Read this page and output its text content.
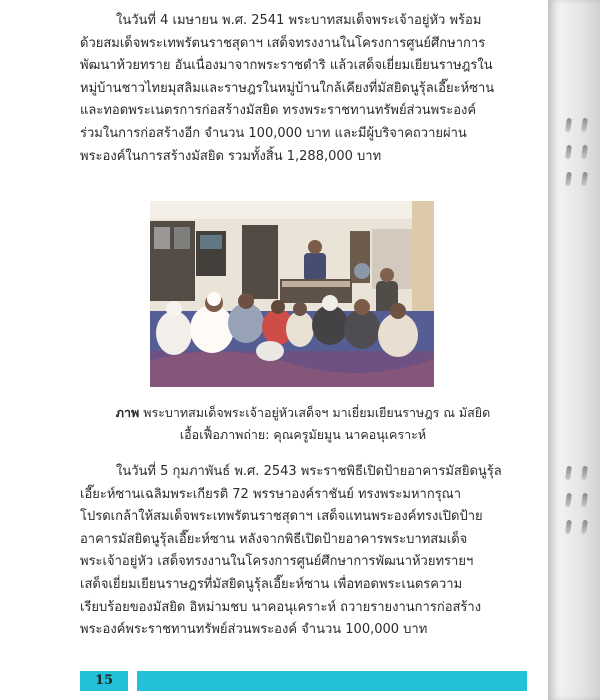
ในวันที่ 4 เมษายน พ.ศ. 2541 พระบาทสมเด็จพระเจ้าอยู่หัว พร้อม
ด้วยสมเด็จพระเทพรัตนราชสุดาฯ เสด็จทรงงานในโครงการศูนย์ศึกษาการ
พัฒนาห้วยทราย อันเนื่องมาจากพระราชดำริ แล้วเสด็จเยี่ยมเยียนราษฎรใน
หมู่บ้านชาวไทยมุสลิมและราษฎรในหมู่บ้านใกล้เคียงที่มัสยิดนูรุ้ลเอี๊ยะห์ซาน
และทอดพระเนตรการก่อสร้างมัสยิด ทรงพระราชทานทรัพย์ส่วนพระองค์
ร่วมในการก่อสร้างอีก จำนวน 100,000 บาท และมีผู้บริจาคถวายผ่าน
พระองค์ในการสร้างมัสยิด รวมทั้งสิ้น 1,288,000 บาท

ภาพ พระบาทสมเด็จพระเจ้าอยู่หัวเสด็จฯ มาเยี่ยมเยียนราษฎร ณ มัสยิด
เอื้อเฟื้อภาพถ่าย: คุณครูมัยมูน นาคอนุเคราะห์

ในวันที่ 5 กุมภาพันธ์ พ.ศ. 2543 พระราชพิธีเปิดป้ายอาคารมัสยิดนูรุ้ล
เอี๊ยะห์ซานเฉลิมพระเกียรติ 72 พรรษาองค์ราชันย์ ทรงพระมหากรุณา
โปรดเกล้าให้สมเด็จพระเทพรัตนราชสุดาฯ เสด็จแทนพระองค์ทรงเปิดป้าย
อาคารมัสยิดนูรุ้ลเอี๊ยะห์ซาน หลังจากพิธีเปิดป้ายอาคารพระบาทสมเด็จ
พระเจ้าอยู่หัว เสด็จทรงงานในโครงการศูนย์ศึกษาการพัฒนาห้วยทรายฯ
เสด็จเยี่ยมเยียนราษฎรที่มัสยิดนูรุ้ลเอี๊ยะห์ซาน เพื่อทอดพระเนตรความ
เรียบร้อยของมัสยิด อิหม่ามชบ นาคอนุเคราะห์ ถวายรายงานการก่อสร้าง
พระองค์พระราชทานทรัพย์ส่วนพระองค์ จำนวน 100,000 บาท

15
